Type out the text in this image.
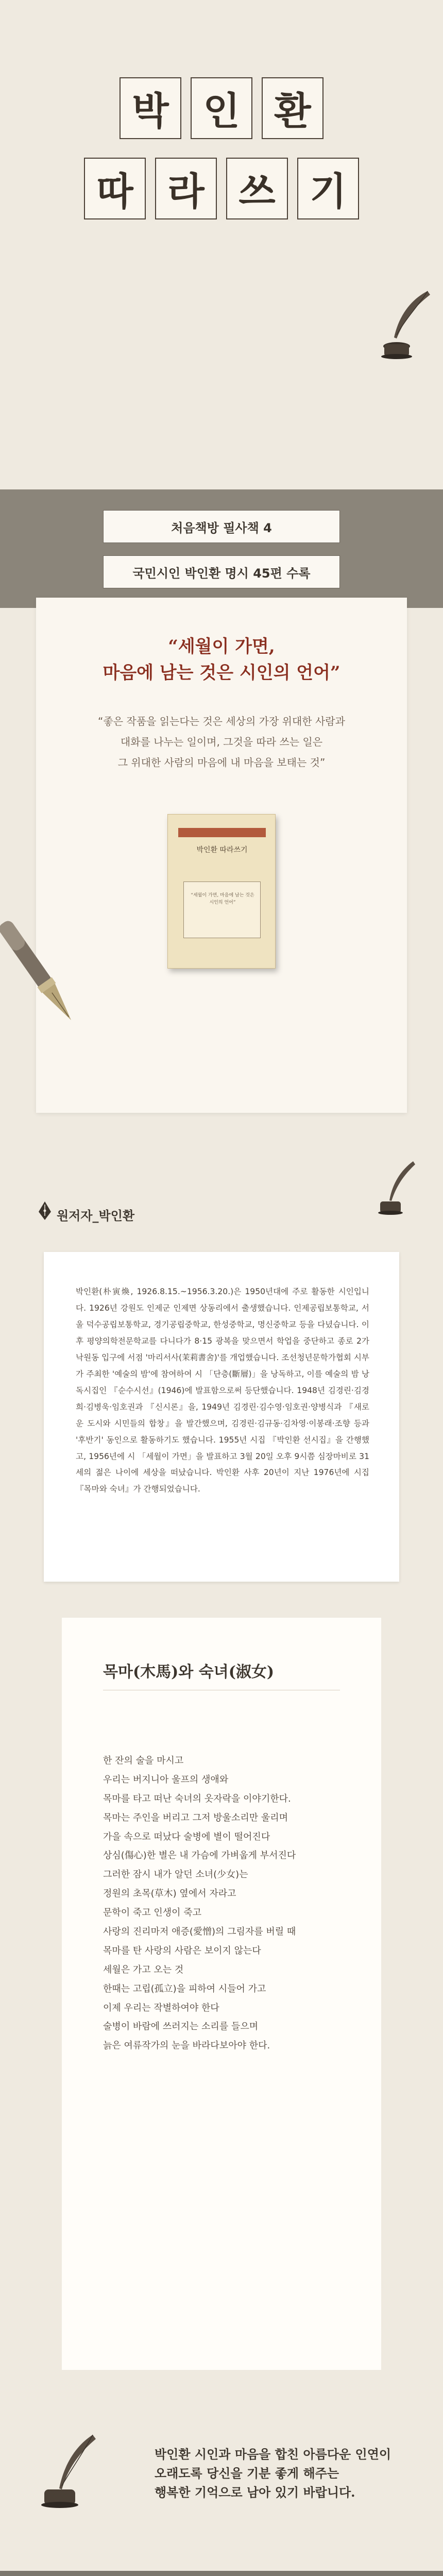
박 인 환
따 라 쓰 기
처음책방 필사책 4
국민시인 박인환 명시 45편 수록
“세월이 가면,
마음에 남는 것은 시인의 언어”
“좋은 작품을 읽는다는 것은 세상의 가장 위대한 사람과
대화를 나누는 일이며, 그것을 따라 쓰는 일은
그 위대한 사람의 마음에 내 마음을 보태는 것”
박인환 따라쓰기
“세월이 가면, 마음에 남는 것은 시인의 언어”
원저자_박인환
박인환(朴寅煥, 1926.8.15.~1956.3.20.)은 1950년대에 주로 활동한 시인입니다. 1926년 강원도 인제군 인제면 상동리에서 출생했습니다. 인제공립보통학교, 서울 덕수공립보통학교, 경기공립중학교, 한성중학교, 명신중학교 등을 다녔습니다. 이후 평양의학전문학교를 다니다가 8·15 광복을 맞으면서 학업을 중단하고 종로 2가 낙원동 입구에 서점 '마리서사(茉莉書舍)'를 개업했습니다. 조선청년문학가협회 시부가 주최한 '예술의 밤'에 참여하여 시 「단층(斷層)」을 낭독하고, 이를 예술의 밤 낭독시집인 『순수시선』(1946)에 발표함으로써 등단했습니다. 1948년 김경린·김경희·김병욱·임호권과 『신시론』을, 1949년 김경린·김수영·임호권·양병식과 『새로운 도시와 시민들의 합창』을 발간했으며, 김경린·김규동·김차영·이봉래·조향 등과 '후반기' 동인으로 활동하기도 했습니다. 1955년 시집 『박인환 선시집』을 간행했고, 1956년에 시 「세월이 가면」을 발표하고 3월 20일 오후 9시쯤 심장마비로 31세의 젊은 나이에 세상을 떠났습니다. 박인환 사후 20년이 지난 1976년에 시집 『목마와 숙녀』가 간행되었습니다.
목마(木馬)와 숙녀(淑女)
한 잔의 술을 마시고
우리는 버지니아 울프의 생애와
목마를 타고 떠난 숙녀의 옷자락을 이야기한다.
목마는 주인을 버리고 그저 방울소리만 울리며
가을 속으로 떠났다 술병에 별이 떨어진다
상심(傷心)한 별은 내 가슴에 가벼웁게 부서진다
그러한 잠시 내가 알던 소녀(少女)는
정원의 초목(草木) 옆에서 자라고
문학이 죽고 인생이 죽고
사랑의 진리마저 애증(愛憎)의 그림자를 버릴 때
목마를 탄 사랑의 사람은 보이지 않는다
세월은 가고 오는 것
한때는 고립(孤立)을 피하여 시들어 가고
이제 우리는 작별하여야 한다
술병이 바람에 쓰러지는 소리를 들으며
늙은 여류작가의 눈을 바라다보아야 한다.
박인환 시인과 마음을 합친 아름다운 인연이
오래도록 당신을 기분 좋게 해주는
행복한 기억으로 남아 있기 바랍니다.
